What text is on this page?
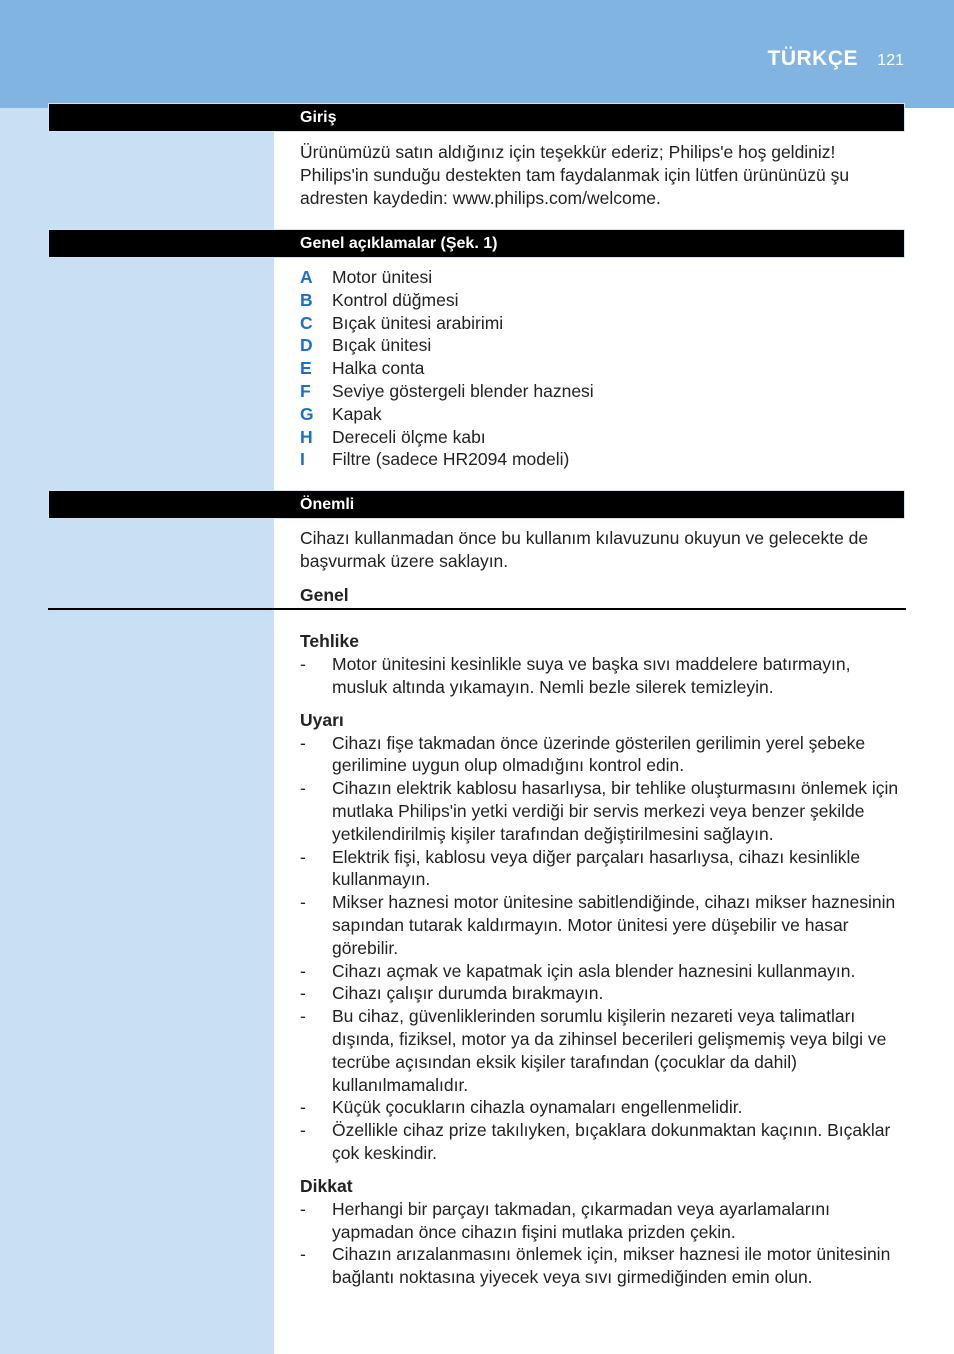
TÜRKÇE 121
Giriş

Ürünümüzü satın aldığınız için teşekkür ederiz; Philips'e hoş geldiniz! Philips'in sunduğu destekten tam faydalanmak için lütfen ürününüzü şu adresten kaydedin: www.philips.com/welcome.

Genel açıklamalar (Şek. 1)
A Motor ünitesi
B Kontrol düğmesi
C Bıçak ünitesi arabirimi
D Bıçak ünitesi
E Halka conta
F Seviye göstergeli blender haznesi
G Kapak
H Dereceli ölçme kabı
I Filtre (sadece HR2094 modeli)
Önemli

Cihazı kullanmadan önce bu kullanım kılavuzunu okuyun ve gelecekte de başvurmak üzere saklayın.

Genel

Tehlike

- Motor ünitesini kesinlikle suya ve başka sıvı maddelere batırmayın, musluk altında yıkamayın. Nemli bezle silerek temizleyin.

Uyarı

- Cihazı fişe takmadan önce üzerinde gösterilen gerilimin yerel şebeke gerilimine uygun olup olmadığını kontrol edin.
- Cihazın elektrik kablosu hasarlıysa, bir tehlike oluşturmasını önlemek için mutlaka Philips'in yetki verdiği bir servis merkezi veya benzer şekilde yetkilendirilmiş kişiler tarafından değiştirilmesini sağlayın.
- Elektrik fişi, kablosu veya diğer parçaları hasarlıysa, cihazı kesinlikle kullanmayın.
- Mikser haznesi motor ünitesine sabitlendiğinde, cihazı mikser haznesinin sapından tutarak kaldırmayın. Motor ünitesi yere düşebilir ve hasar görebilir.
- Cihazı açmak ve kapatmak için asla blender haznesini kullanmayın.
- Cihazı çalışır durumda bırakmayın.
- Bu cihaz, güvenliklerinden sorumlu kişilerin nezareti veya talimatları dışında, fiziksel, motor ya da zihinsel becerileri gelişmemiş veya bilgi ve tecrübe açısından eksik kişiler tarafından (çocuklar da dahil) kullanılmamalıdır.
- Küçük çocukların cihazla oynamaları engellenmelidir.
- Özellikle cihaz prize takılıyken, bıçaklara dokunmaktan kaçının. Bıçaklar çok keskindir.

Dikkat

- Herhangi bir parçayı takmadan, çıkarmadan veya ayarlamalarını yapmadan önce cihazın fişini mutlaka prizden çekin.
- Cihazın arızalanmasını önlemek için, mikser haznesi ile motor ünitesinin bağlantı noktasına yiyecek veya sıvı girmediğinden emin olun.
